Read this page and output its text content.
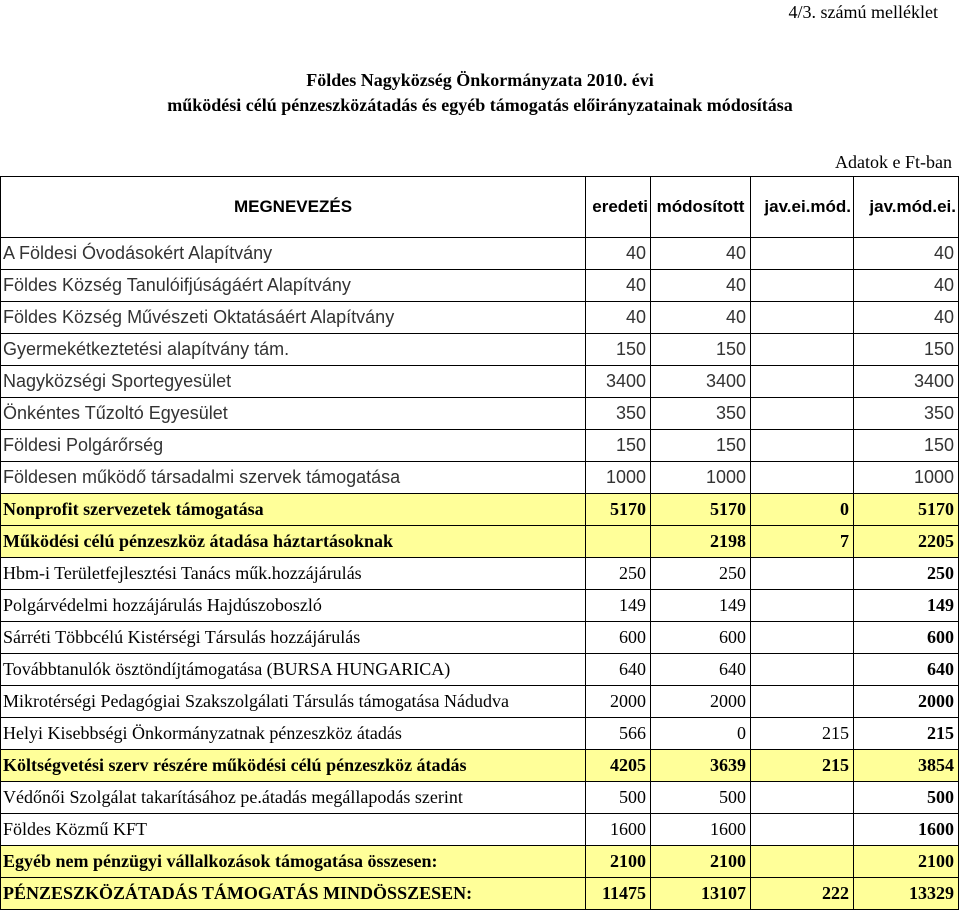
4/3. számú melléklet
Földes Nagyközség Önkormányzata 2010. évi
működési célú pénzeszközátadás és egyéb támogatás előirányzatainak módosítása
Adatok e Ft-ban
MEGNEVEZÉS	eredeti	módosított	jav.ei.mód.	jav.mód.ei.
A Földesi Óvodásokért Alapítvány	40	40		40
Földes Község Tanulóifjúságáért Alapítvány	40	40		40
Földes Község Művészeti Oktatásáért Alapítvány	40	40		40
Gyermekétkeztetési alapítvány tám.	150	150		150
Nagyközségi Sportegyesület	3400	3400		3400
Önkéntes Tűzoltó Egyesület	350	350		350
Földesi Polgárőrség	150	150		150
Földesen működő társadalmi szervek támogatása	1000	1000		1000
Nonprofit szervezetek támogatása	5170	5170	0	5170
Működési célú pénzeszköz átadása háztartásoknak		2198	7	2205
Hbm-i Területfejlesztési Tanács műk.hozzájárulás	250	250		250
Polgárvédelmi hozzájárulás Hajdúszoboszló	149	149		149
Sárréti Többcélú Kistérségi Társulás hozzájárulás	600	600		600
Továbbtanulók ösztöndíjtámogatása (BURSA HUNGARICA)	640	640		640
Mikrotérségi Pedagógiai Szakszolgálati Társulás támogatása Nádudva	2000	2000		2000
Helyi Kisebbségi Önkormányzatnak pénzeszköz átadás	566	0	215	215
Költségvetési szerv részére működési célú pénzeszköz átadás	4205	3639	215	3854
Védőnői Szolgálat takarításához pe.átadás megállapodás szerint	500	500		500
Földes Közmű KFT	1600	1600		1600
Egyéb nem pénzügyi vállalkozások támogatása összesen:	2100	2100		2100
PÉNZESZKÖZÁTADÁS TÁMOGATÁS MINDÖSSZESEN:	11475	13107	222	13329
